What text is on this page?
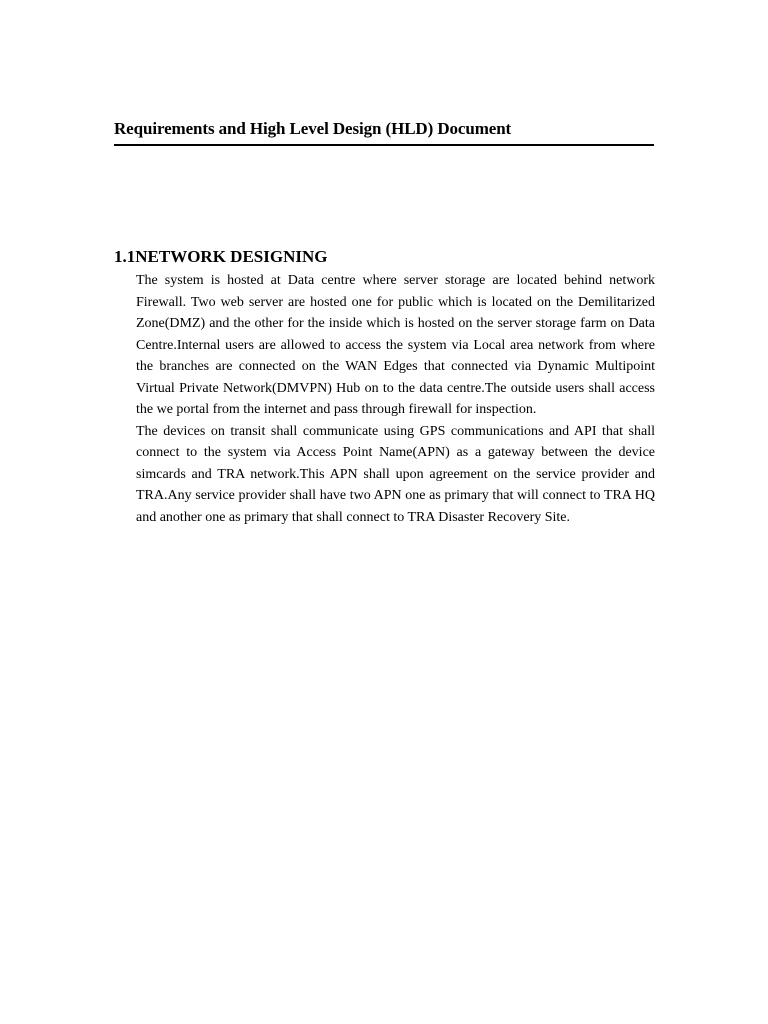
Requirements and High Level Design (HLD) Document
1.1NETWORK DESIGNING

The system is hosted at Data centre where server storage are located behind network Firewall. Two web server are hosted one for public which is located on the Demilitarized Zone(DMZ) and the other for the inside which is hosted on the server storage farm on Data Centre.Internal users are allowed to access the system via Local area network from where the branches are connected on the WAN Edges that connected via Dynamic Multipoint Virtual Private Network(DMVPN) Hub on to the data centre.The outside users shall access the we portal from the internet and pass through firewall for inspection.

The devices on transit shall communicate using GPS communications and API that shall connect to the system via Access Point Name(APN) as a gateway between the device simcards and TRA network.This APN shall upon agreement on the service provider and TRA.Any service provider shall have two APN one as primary that will connect to TRA HQ and another one as primary that shall connect to TRA Disaster Recovery Site.
